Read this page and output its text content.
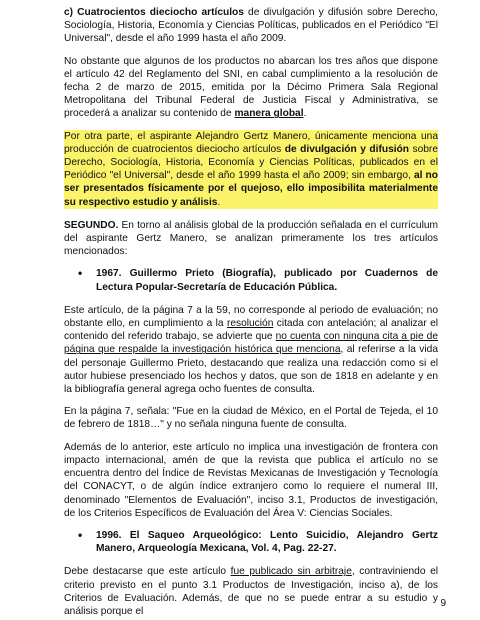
c) Cuatrocientos dieciocho artículos de divulgación y difusión sobre Derecho, Sociología, Historia, Economía y Ciencias Políticas, publicados en el Periódico "El Universal", desde el año 1999 hasta el año 2009.

No obstante que algunos de los productos no abarcan los tres años que dispone el artículo 42 del Reglamento del SNI, en cabal cumplimiento a la resolución de fecha 2 de marzo de 2015, emitida por la Décimo Primera Sala Regional Metropolitana del Tribunal Federal de Justicia Fiscal y Administrativa, se procederá a analizar su contenido de manera global.

Por otra parte, el aspirante Alejandro Gertz Manero, únicamente menciona una producción de cuatrocientos dieciocho artículos de divulgación y difusión sobre Derecho, Sociología, Historia, Economía y Ciencias Políticas, publicados en el Periódico "el Universal", desde el año 1999 hasta el año 2009; sin embargo, al no ser presentados físicamente por el quejoso, ello imposibilita materialmente su respectivo estudio y análisis.

SEGUNDO. En torno al análisis global de la producción señalada en el currículum del aspirante Gertz Manero, se analizan primeramente los tres artículos mencionados:

• 1967. Guillermo Prieto (Biografía), publicado por Cuadernos de Lectura Popular-Secretaría de Educación Pública.

Este artículo, de la página 7 a la 59, no corresponde al periodo de evaluación; no obstante ello, en cumplimiento a la resolución citada con antelación; al analizar el contenido del referido trabajo, se advierte que no cuenta con ninguna cita a pie de página que respalde la investigación histórica que menciona, al referirse a la vida del personaje Guillermo Prieto, destacando que realiza una redacción como si el autor hubiese presenciado los hechos y datos, que son de 1818 en adelante y en la bibliografía general agrega ocho fuentes de consulta.

En la página 7, señala: "Fue en la ciudad de México, en el Portal de Tejeda, el 10 de febrero de 1818…" y no señala ninguna fuente de consulta.

Además de lo anterior, este artículo no implica una investigación de frontera con impacto internacional, amén de que la revista que publica el artículo no se encuentra dentro del Índice de Revistas Mexicanas de Investigación y Tecnología del CONACYT, o de algún índice extranjero como lo requiere el numeral III, denominado "Elementos de Evaluación", inciso 3.1, Productos de investigación, de los Criterios Específicos de Evaluación del Área V: Ciencias Sociales.

• 1996. El Saqueo Arqueológico: Lento Suicidio, Alejandro Gertz Manero, Arqueología Mexicana, Vol. 4, Pag. 22-27.

Debe destacarse que este artículo fue publicado sin arbitraje, contraviniendo el criterio previsto en el punto 3.1 Productos de Investigación, inciso a), de los Criterios de Evaluación. Además, de que no se puede entrar a su estudio y análisis porque el

9
